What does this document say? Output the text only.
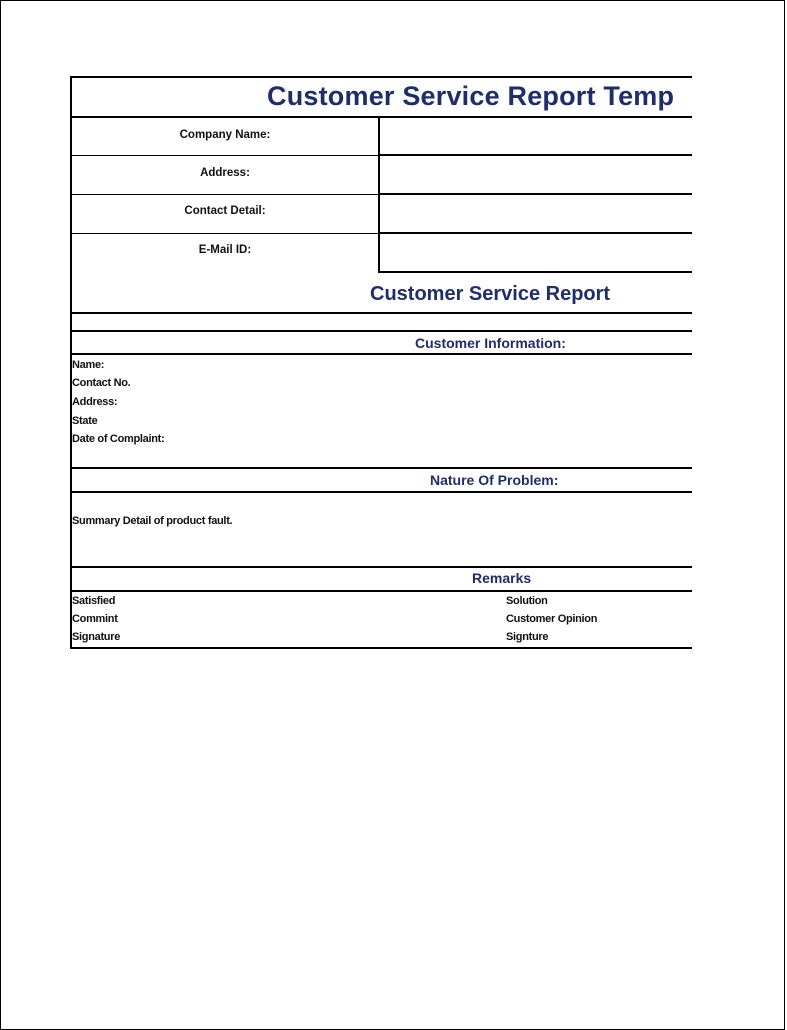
Customer Service Report Temp
Company Name:
Address:
Contact Detail:
E-Mail ID:
Customer Service Report
Customer Information:
Name:
Contact No.
Address:
State
Date of Complaint:
Nature Of Problem:
Summary Detail of product fault.
Remarks
Satisfied
Commint
Signature
Solution
Customer Opinion
Signture
